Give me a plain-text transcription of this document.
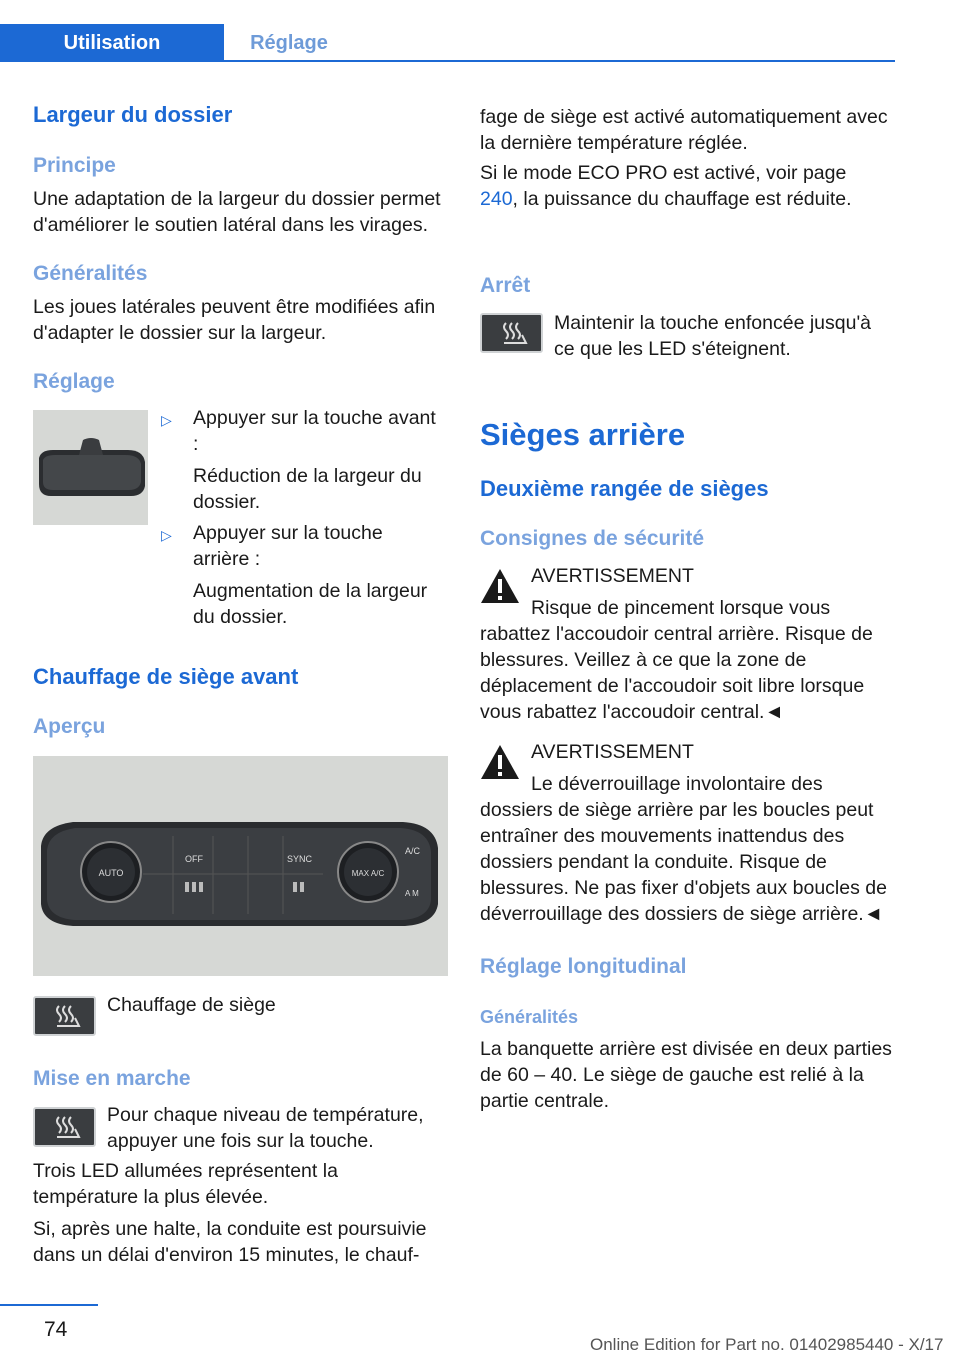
Utilisation	Réglage
Largeur du dossier
Principe
Une adaptation de la largeur du dossier permet d'améliorer le soutien latéral dans les virages.
Généralités
Les joues latérales peuvent être modifiées afin d'adapter le dossier sur la largeur.
Réglage
▷ Appuyer sur la touche avant :
Réduction de la largeur du dossier.
▷ Appuyer sur la touche arrière :
Augmentation de la largeur du dossier.
Chauffage de siège avant
Aperçu
AUTO	MAX A/C
OFF	SYNC
A/C
A M
Chauffage de siège
Mise en marche
Pour chaque niveau de température, appuyer une fois sur la touche.
Trois LED allumées représentent la température la plus élevée.
Si, après une halte, la conduite est poursuivie dans un délai d'environ 15 minutes, le chauf-
fage de siège est activé automatiquement avec la dernière température réglée.
Si le mode ECO PRO est activé, voir page 240, la puissance du chauffage est réduite.
Arrêt
Maintenir la touche enfoncée jusqu'à ce que les LED s'éteignent.
Sièges arrière
Deuxième rangée de sièges
Consignes de sécurité
AVERTISSEMENT
Risque de pincement lorsque vous rabattez l'accoudoir central arrière. Risque de blessures. Veillez à ce que la zone de déplacement de l'accoudoir soit libre lorsque vous rabattez l'accoudoir central.◄
AVERTISSEMENT
Le déverrouillage involontaire des dossiers de siège arrière par les boucles peut entraîner des mouvements inattendus des dossiers pendant la conduite. Risque de blessures. Ne pas fixer d'objets aux boucles de déverrouillage des dossiers de siège arrière.◄
Réglage longitudinal
Généralités
La banquette arrière est divisée en deux parties de 60 – 40. Le siège de gauche est relié à la partie centrale.
74
Online Edition for Part no. 01402985440 - X/17
